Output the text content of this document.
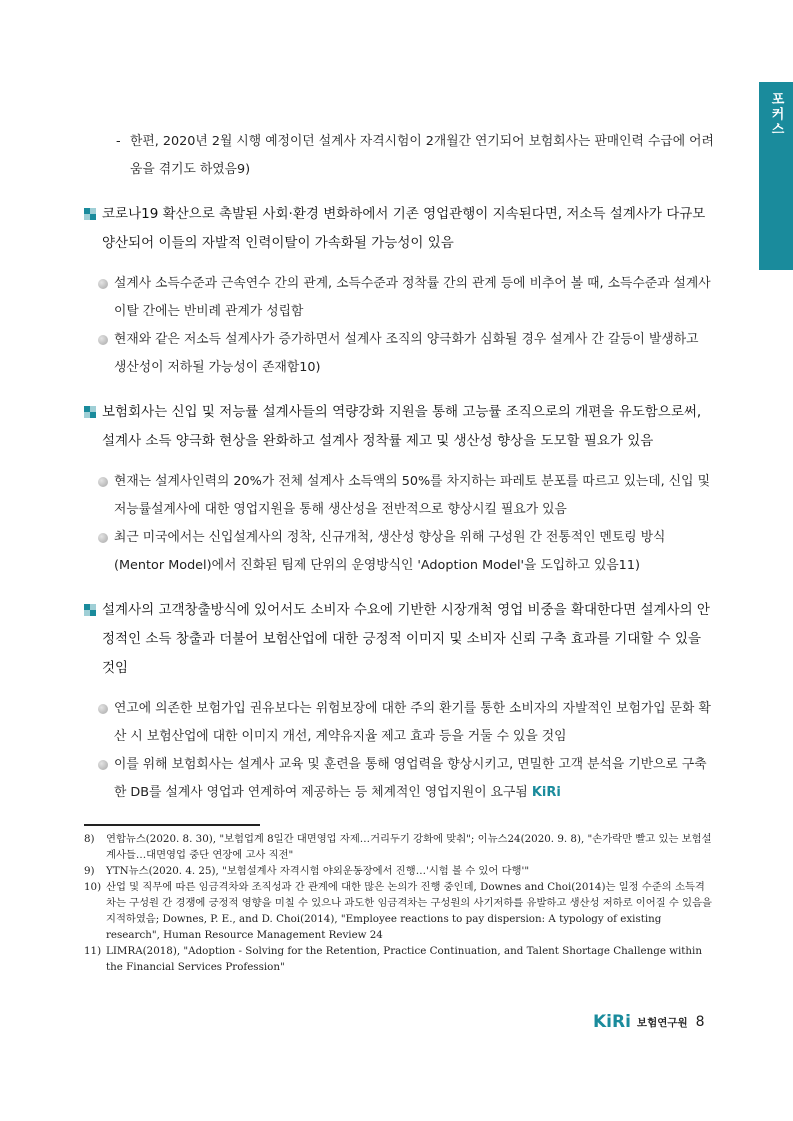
포커스
- 한편, 2020년 2월 시행 예정이던 설계사 자격시험이 2개월간 연기되어 보험회사는 판매인력 수급에 어려움을 겪기도 하였음9)
코로나19 확산으로 촉발된 사회·환경 변화하에서 기존 영업관행이 지속된다면, 저소득 설계사가 다규모 양산되어 이들의 자발적 인력이탈이 가속화될 가능성이 있음
설계사 소득수준과 근속연수 간의 관계, 소득수준과 정착률 간의 관계 등에 비추어 볼 때, 소득수준과 설계사 이탈 간에는 반비례 관계가 성립함
현재와 같은 저소득 설계사가 증가하면서 설계사 조직의 양극화가 심화될 경우 설계사 간 갈등이 발생하고 생산성이 저하될 가능성이 존재함10)
보험회사는 신입 및 저능률 설계사들의 역량강화 지원을 통해 고능률 조직으로의 개편을 유도함으로써, 설계사 소득 양극화 현상을 완화하고 설계사 정착률 제고 및 생산성 향상을 도모할 필요가 있음
현재는 설계사인력의 20%가 전체 설계사 소득액의 50%를 차지하는 파레토 분포를 따르고 있는데, 신입 및 저능률설계사에 대한 영업지원을 통해 생산성을 전반적으로 향상시킬 필요가 있음
최근 미국에서는 신입설계사의 정착, 신규개척, 생산성 향상을 위해 구성원 간 전통적인 멘토링 방식(Mentor Model)에서 진화된 팀제 단위의 운영방식인 'Adoption Model'을 도입하고 있음11)
설계사의 고객창출방식에 있어서도 소비자 수요에 기반한 시장개척 영업 비중을 확대한다면 설계사의 안정적인 소득 창출과 더불어 보험산업에 대한 긍정적 이미지 및 소비자 신뢰 구축 효과를 기대할 수 있을 것임
연고에 의존한 보험가입 권유보다는 위험보장에 대한 주의 환기를 통한 소비자의 자발적인 보험가입 문화 확산 시 보험산업에 대한 이미지 개선, 계약유지율 제고 효과 등을 거둘 수 있을 것임
이를 위해 보험회사는 설계사 교육 및 훈련을 통해 영업력을 향상시키고, 면밀한 고객 분석을 기반으로 구축한 DB를 설계사 영업과 연계하여 제공하는 등 체계적인 영업지원이 요구됨 KiRi
8)	연합뉴스(2020. 8. 30), "보험업계 8일간 대면영업 자제…거리두기 강화에 맞춰"; 이뉴스24(2020. 9. 8), "손가락만 빨고 있는 보험설계사들…대면영업 중단 연장에 고사 직전"
9)	YTN뉴스(2020. 4. 25), "보험설계사 자격시험 야외운동장에서 진행…'시험 볼 수 있어 다행'"
10) 산업 및 직무에 따른 임금격차와 조직성과 간 관계에 대한 많은 논의가 진행 중인데, Downes and Choi(2014)는 일정 수준의 소득격차는 구성원 간 경쟁에 긍정적 영향을 미칠 수 있으나 과도한 임금격차는 구성원의 사기저하를 유발하고 생산성 저하로 이어질 수 있음을 지적하였음; Downes, P. E., and D. Choi(2014), "Employee reactions to pay dispersion: A typology of existing research", Human Resource Management Review 24
11) LIMRA(2018), "Adoption - Solving for the Retention, Practice Continuation, and Talent Shortage Challenge within the Financial Services Profession"
KiRi 보험연구원 8
